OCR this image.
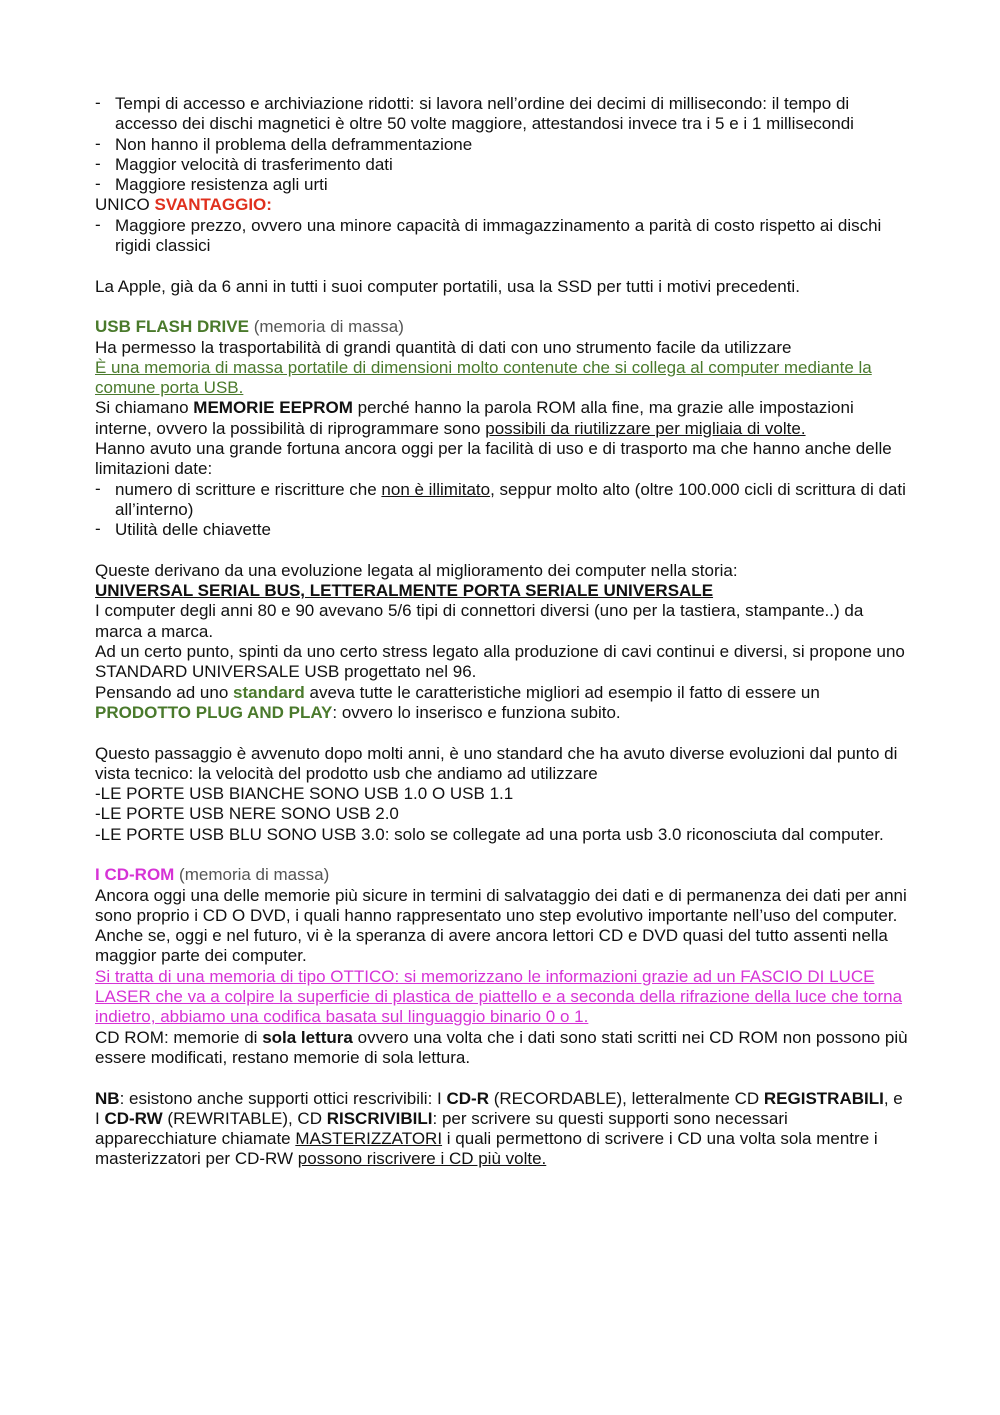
- Tempi di accesso e archiviazione ridotti: si lavora nell’ordine dei decimi di millisecondo: il tempo di accesso dei dischi magnetici è oltre 50 volte maggiore, attestandosi invece tra i 5 e i 1 millisecondi
- Non hanno il problema della deframmentazione
- Maggior velocità di trasferimento dati
- Maggiore resistenza agli urti

UNICO SVANTAGGIO:

- Maggiore prezzo, ovvero una minore capacità di immagazzinamento a parità di costo rispetto ai dischi rigidi classici

La Apple, già da 6 anni in tutti i suoi computer portatili, usa la SSD per tutti i motivi precedenti.

USB FLASH DRIVE (memoria di massa)

Ha permesso la trasportabilità di grandi quantità di dati con uno strumento facile da utilizzare

È una memoria di massa portatile di dimensioni molto contenute che si collega al computer mediante la comune porta USB.

Si chiamano MEMORIE EEPROM perché hanno la parola ROM alla fine, ma grazie alle impostazioni interne, ovvero la possibilità di riprogrammare sono possibili da riutilizzare per migliaia di volte.

Hanno avuto una grande fortuna ancora oggi per la facilità di uso e di trasporto ma che hanno anche delle limitazioni date:

- numero di scritture e riscritture che non è illimitato, seppur molto alto (oltre 100.000 cicli di scrittura di dati all’interno)
- Utilità delle chiavette

Queste derivano da una evoluzione legata al miglioramento dei computer nella storia:

UNIVERSAL SERIAL BUS, LETTERALMENTE PORTA SERIALE UNIVERSALE

I computer degli anni 80 e 90 avevano 5/6 tipi di connettori diversi (uno per la tastiera, stampante..) da marca a marca.

Ad un certo punto, spinti da uno certo stress legato alla produzione di cavi continui e diversi, si propone uno STANDARD UNIVERSALE USB progettato nel 96.

Pensando ad uno standard aveva tutte le caratteristiche migliori ad esempio il fatto di essere un PRODOTTO PLUG AND PLAY: ovvero lo inserisco e funziona subito.

Questo passaggio è avvenuto dopo molti anni, è uno standard che ha avuto diverse evoluzioni dal punto di vista tecnico: la velocità del prodotto usb che andiamo ad utilizzare

-LE PORTE USB BIANCHE SONO USB 1.0 O USB 1.1

-LE PORTE USB NERE SONO USB 2.0

-LE PORTE USB BLU SONO USB 3.0: solo se collegate ad una porta usb 3.0 riconosciuta dal computer.

I CD-ROM (memoria di massa)

Ancora oggi una delle memorie più sicure in termini di salvataggio dei dati e di permanenza dei dati per anni sono proprio i CD O DVD, i quali hanno rappresentato uno step evolutivo importante nell’uso del computer. Anche se, oggi e nel futuro, vi è la speranza di avere ancora lettori CD e DVD quasi del tutto assenti nella maggior parte dei computer.

Si tratta di una memoria di tipo OTTICO: si memorizzano le informazioni grazie ad un FASCIO DI LUCE LASER che va a colpire la superficie di plastica de piattello e a seconda della rifrazione della luce che torna indietro, abbiamo una codifica basata sul linguaggio binario 0 o 1.

CD ROM: memorie di sola lettura ovvero una volta che i dati sono stati scritti nei CD ROM non possono più essere modificati, restano memorie di sola lettura.

NB: esistono anche supporti ottici rescrivibili: I CD-R (RECORDABLE), letteralmente CD REGISTRABILI, e I CD-RW (REWRITABLE), CD RISCRIVIBILI: per scrivere su questi supporti sono necessari apparecchiature chiamate MASTERIZZATORI i quali permettono di scrivere i CD una volta sola mentre i masterizzatori per CD-RW possono riscrivere i CD più volte.
